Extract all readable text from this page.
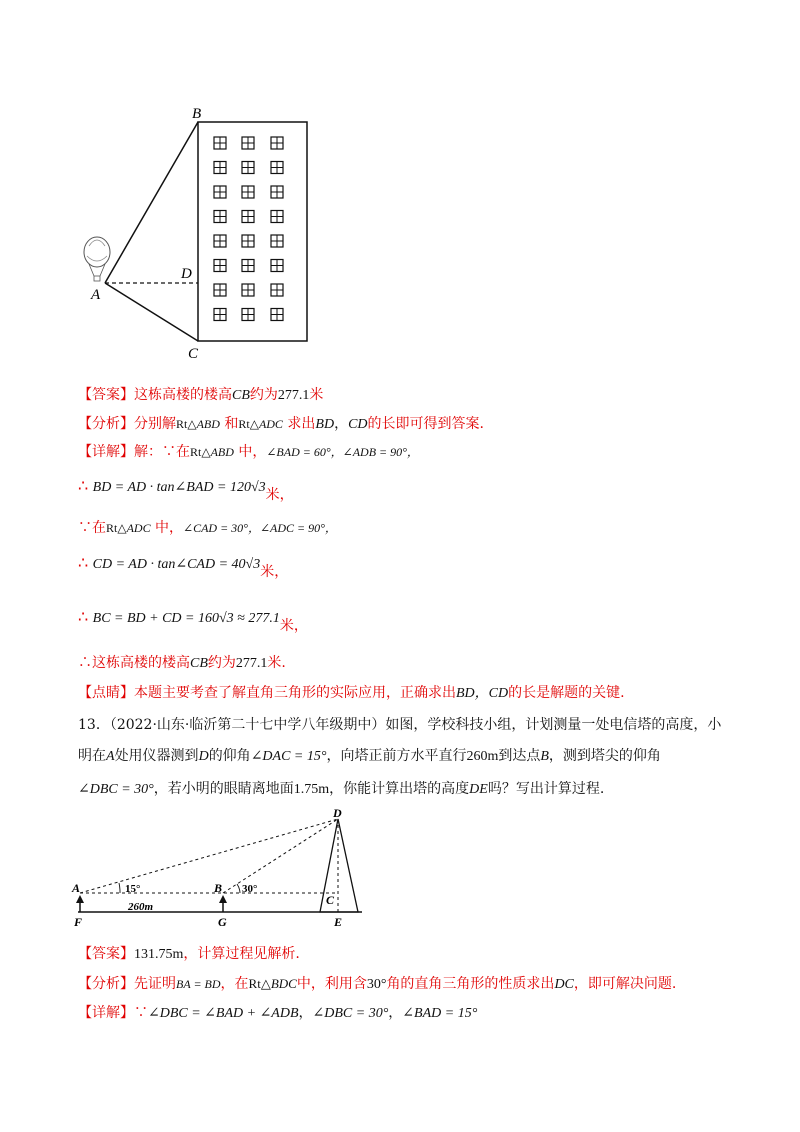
B
D
A
C
【答案】这栋高楼的楼高CB约为277.1米
【分析】分别解Rt△ABD 和Rt△ADC 求出BD，CD的长即可得到答案.
【详解】解：∵在Rt△ABD 中，∠BAD = 60°，∠ADB = 90°，
∴ BD = AD · tan∠BAD = 120√3米，
∵在Rt△ADC 中，∠CAD = 30°，∠ADC = 90°，
∴ CD = AD · tan∠CAD = 40√3米，
∴ BC = BD + CD = 160√3 ≈ 277.1米，
∴这栋高楼的楼高CB约为277.1米.
【点睛】本题主要考查了解直角三角形的实际应用，正确求出BD，CD的长是解题的关键.
13．（2022·山东·临沂第二十七中学八年级期中）如图，学校科技小组，计划测量一处电信塔的高度，小
明在A处用仪器测到D的仰角∠DAC = 15°，向塔正前方水平直行260m到达点B，测到塔尖的仰角
∠DBC = 30°，若小明的眼睛离地面1.75m，你能计算出塔的高度DE吗？写出计算过程.
D
A	B
C
F	G	E
15°	30°
260m
【答案】131.75m，计算过程见解析.
【分析】先证明BA = BD，在Rt△BDC中，利用含30°角的直角三角形的性质求出DC，即可解决问题.
【详解】∵∠DBC = ∠BAD + ∠ADB，∠DBC = 30°，∠BAD = 15°
